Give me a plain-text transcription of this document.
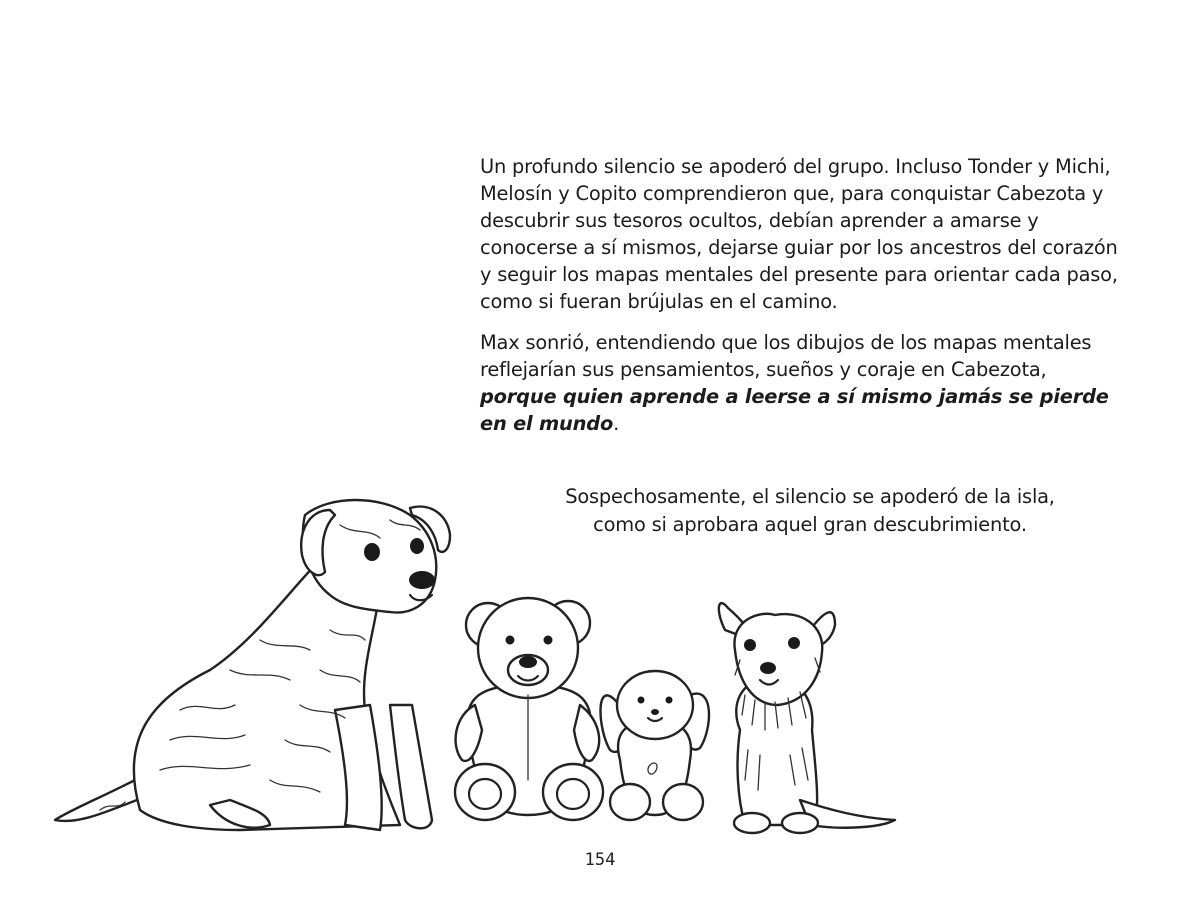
Un profundo silencio se apoderó del grupo. Incluso Tonder y Michi, Melosín y Copito comprendieron que, para conquistar Cabezota y descubrir sus tesoros ocultos, debían aprender a amarse y conocerse a sí mismos, dejarse guiar por los ancestros del corazón y seguir los mapas mentales del presente para orientar cada paso, como si fueran brújulas en el camino.

Max sonrió, entendiendo que los dibujos de los mapas mentales reflejarían sus pensamientos, sueños y coraje en Cabezota, porque quien aprende a leerse a sí mismo jamás se pierde en el mundo.

Sospechosamente, el silencio se apoderó de la isla,
como si aprobara aquel gran descubrimiento.
154
